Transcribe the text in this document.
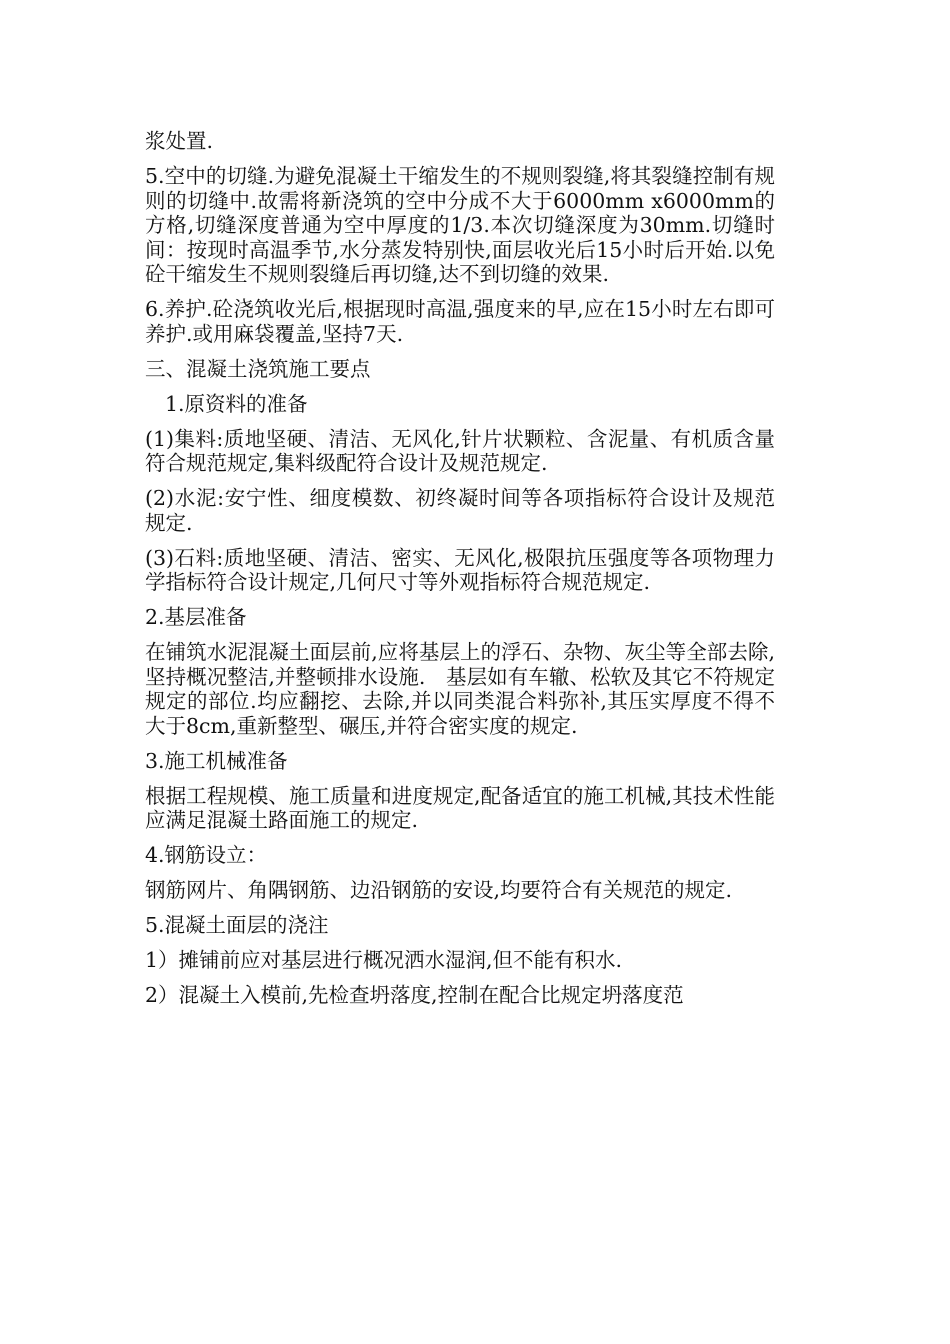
浆处置.

5.空中的切缝.为避免混凝土干缩发生的不规则裂缝,将其裂缝控制有规则的切缝中.故需将新浇筑的空中分成不大于6000mm x6000mm的方格,切缝深度普通为空中厚度的1/3.本次切缝深度为30mm.切缝时间：按现时高温季节,水分蒸发特别快,面层收光后15小时后开始.以免砼干缩发生不规则裂缝后再切缝,达不到切缝的效果.

6.养护.砼浇筑收光后,根据现时高温,强度来的早,应在15小时左右即可养护.或用麻袋覆盖,坚持7天.

三、混凝土浇筑施工要点

1.原资料的准备

(1)集料:质地坚硬、清洁、无风化,针片状颗粒、含泥量、有机质含量符合规范规定,集料级配符合设计及规范规定.

(2)水泥:安宁性、细度模数、初终凝时间等各项指标符合设计及规范规定.

(3)石料:质地坚硬、清洁、密实、无风化,极限抗压强度等各项物理力学指标符合设计规定,几何尺寸等外观指标符合规范规定.

2.基层准备

在铺筑水泥混凝土面层前,应将基层上的浮石、杂物、灰尘等全部去除,坚持概况整洁,并整顿排水设施.　基层如有车辙、松软及其它不符规定规定的部位.均应翻挖、去除,并以同类混合料弥补,其压实厚度不得不大于8cm,重新整型、碾压,并符合密实度的规定.

3.施工机械准备

根据工程规模、施工质量和进度规定,配备适宜的施工机械,其技术性能应满足混凝土路面施工的规定.

4.钢筋设立：

钢筋网片、角隅钢筋、边沿钢筋的安设,均要符合有关规范的规定.

5.混凝土面层的浇注

1）摊铺前应对基层进行概况洒水湿润,但不能有积水.

2）混凝土入模前,先检查坍落度,控制在配合比规定坍落度范
